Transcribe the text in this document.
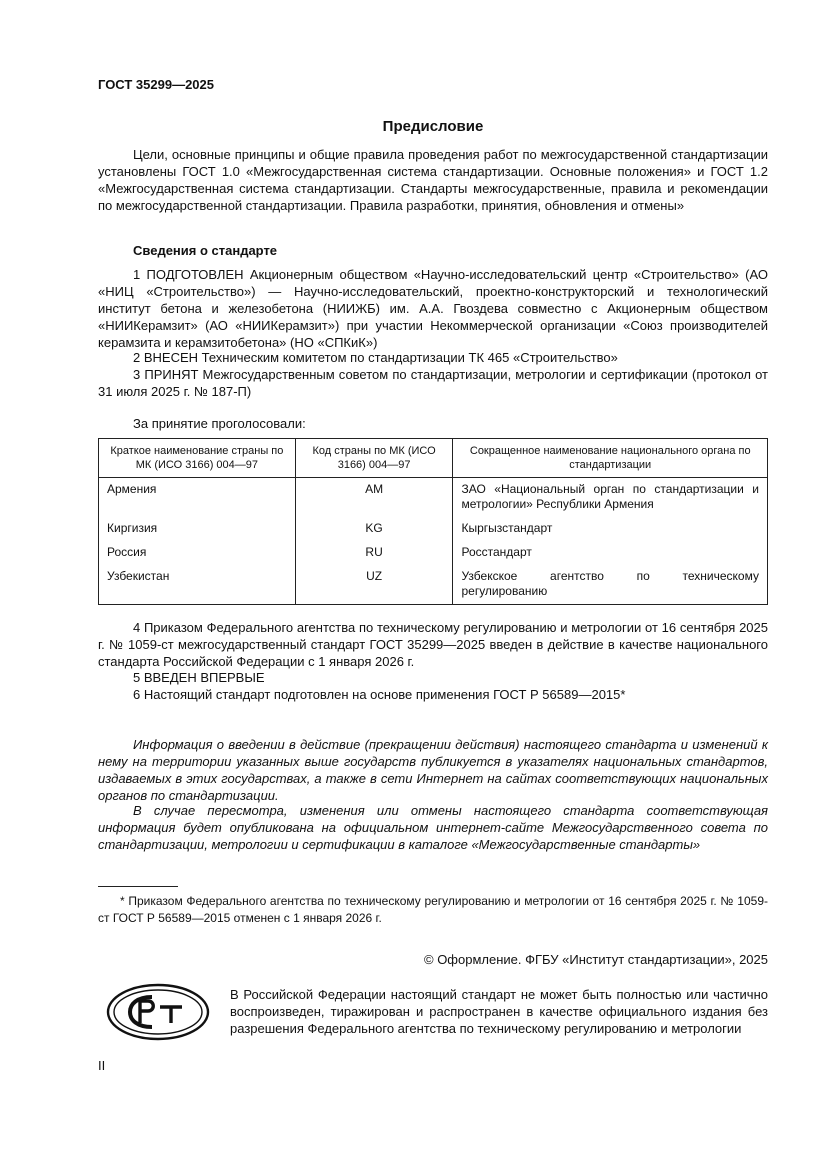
ГОСТ 35299—2025
Предисловие

Цели, основные принципы и общие правила проведения работ по межгосударственной стандартизации установлены ГОСТ 1.0 «Межгосударственная система стандартизации. Основные положения» и ГОСТ 1.2 «Межгосударственная система стандартизации. Стандарты межгосударственные, правила и рекомендации по межгосударственной стандартизации. Правила разработки, принятия, обновления и отмены»

Сведения о стандарте

1 ПОДГОТОВЛЕН Акционерным обществом «Научно-исследовательский центр «Строительство» (АО «НИЦ «Строительство») — Научно-исследовательский, проектно-конструкторский и технологический институт бетона и железобетона (НИИЖБ) им. А.А. Гвоздева совместно с Акционерным обществом «НИИКерамзит» (АО «НИИКерамзит») при участии Некоммерческой организации «Союз производителей керамзита и керамзитобетона» (НО «СПКиК»)

2 ВНЕСЕН Техническим комитетом по стандартизации ТК 465 «Строительство»

3 ПРИНЯТ Межгосударственным советом по стандартизации, метрологии и сертификации (протокол от 31 июля 2025 г. № 187-П)

За принятие проголосовали:

Краткое наименование страны по МК (ИСО 3166) 004—97	Код страны по МК (ИСО 3166) 004—97	Сокращенное наименование национального органа по стандартизации
Армения	AM	ЗАО «Национальный орган по стандартизации и метрологии» Республики Армения
Киргизия	KG	Кыргызстандарт
Россия	RU	Росстандарт
Узбекистан	UZ	Узбекское агентство по техническому регулированию

4 Приказом Федерального агентства по техническому регулированию и метрологии от 16 сентября 2025 г. № 1059-ст межгосударственный стандарт ГОСТ 35299—2025 введен в действие в качестве национального стандарта Российской Федерации с 1 января 2026 г.

5 ВВЕДЕН ВПЕРВЫЕ

6 Настоящий стандарт подготовлен на основе применения ГОСТ Р 56589—2015*

Информация о введении в действие (прекращении действия) настоящего стандарта и изменений к нему на территории указанных выше государств публикуется в указателях национальных стандартов, издаваемых в этих государствах, а также в сети Интернет на сайтах соответствующих национальных органов по стандартизации.

В случае пересмотра, изменения или отмены настоящего стандарта соответствующая информация будет опубликована на официальном интернет-сайте Межгосударственного совета по стандартизации, метрологии и сертификации в каталоге «Межгосударственные стандарты»

* Приказом Федерального агентства по техническому регулированию и метрологии от 16 сентября 2025 г. № 1059-ст ГОСТ Р 56589—2015 отменен с 1 января 2026 г.

© Оформление. ФГБУ «Институт стандартизации», 2025

В Российской Федерации настоящий стандарт не может быть полностью или частично воспроизведен, тиражирован и распространен в качестве официального издания без разрешения Федерального агентства по техническому регулированию и метрологии

II
